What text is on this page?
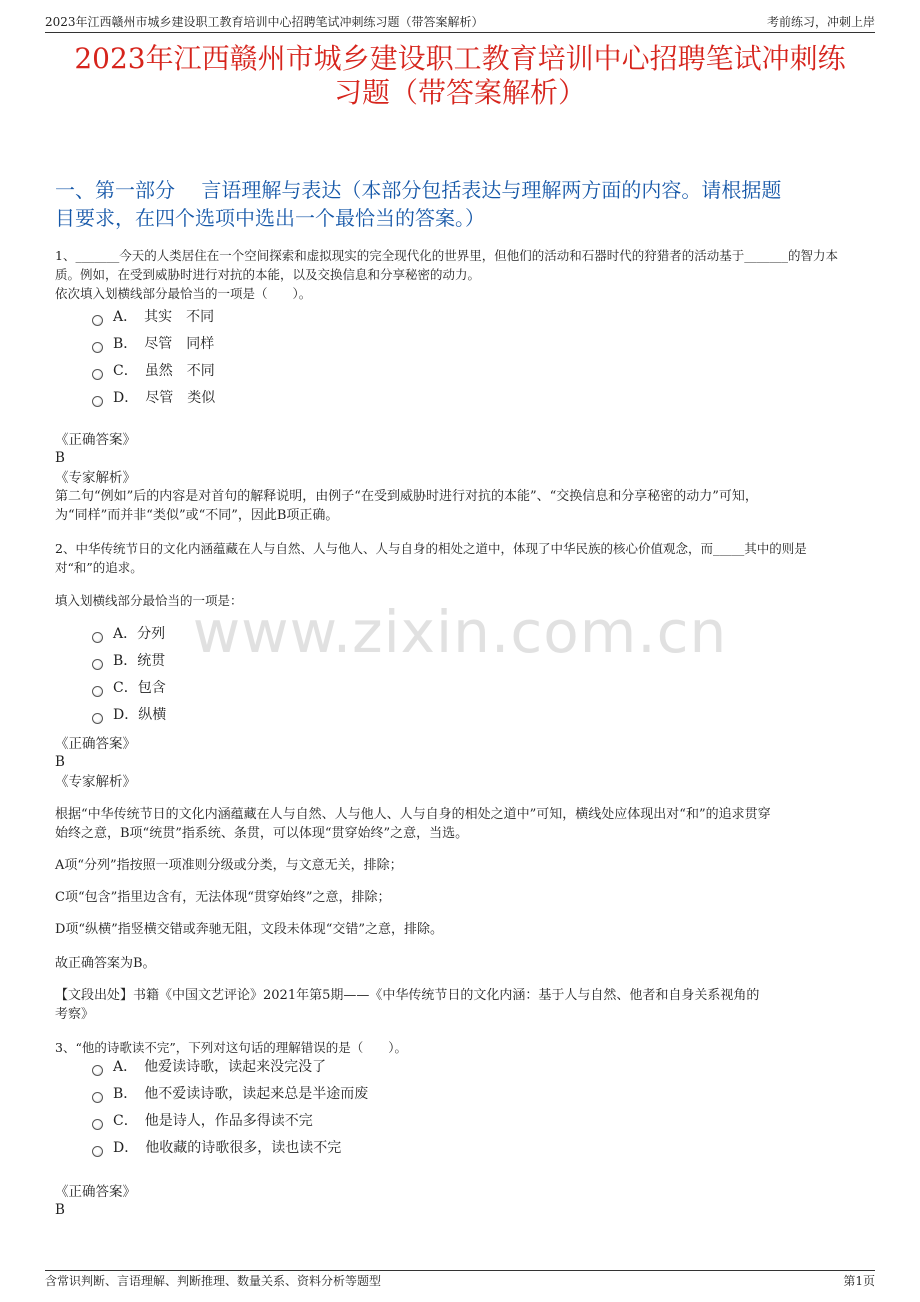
2023年江西赣州市城乡建设职工教育培训中心招聘笔试冲刺练习题（带答案解析）	考前练习，冲刺上岸
2023年江西赣州市城乡建设职工教育培训中心招聘笔试冲刺练
习题（带答案解析）
一、第一部分　 言语理解与表达（本部分包括表达与理解两方面的内容。请根据题
目要求，在四个选项中选出一个最恰当的答案。）
www.zixin.com.cn

1、_______今天的人类居住在一个空间探索和虚拟现实的完全现代化的世界里，但他们的活动和石器时代的狩猎者的活动基于_______的智力本

质。例如，在受到威胁时进行对抗的本能，以及交换信息和分享秘密的动力。

依次填入划横线部分最恰当的一项是（　　）。

A．　其实　不同
B．　尽管　同样
C．　虽然　不同
D．　尽管　类似
《正确答案》
B
《专家解析》

第二句“例如”后的内容是对首句的解释说明，由例子“在受到威胁时进行对抗的本能”、“交换信息和分享秘密的动力”可知，

为“同样”而并非“类似”或“不同”，因此B项正确。

2、中华传统节日的文化内涵蕴藏在人与自然、人与他人、人与自身的相处之道中，体现了中华民族的核心价值观念，而_____其中的则是

对“和”的追求。

填入划横线部分最恰当的一项是：

A．分列
B．统贯
C．包含
D．纵横
《正确答案》
B
《专家解析》

根据“中华传统节日的文化内涵蕴藏在人与自然、人与他人、人与自身的相处之道中”可知，横线处应体现出对“和”的追求贯穿

始终之意，B项“统贯”指系统、条贯，可以体现“贯穿始终”之意，当选。

A项“分列”指按照一项准则分级或分类，与文意无关，排除；
C项“包含”指里边含有，无法体现“贯穿始终”之意，排除；
D项“纵横”指竖横交错或奔驰无阻，文段未体现“交错”之意，排除。
故正确答案为B。

【文段出处】书籍《中国文艺评论》2021年第5期——《中华传统节日的文化内涵：基于人与自然、他者和自身关系视角的

考察》

3、“他的诗歌读不完”，下列对这句话的理解错误的是（　　）。

A．　他爱读诗歌，读起来没完没了
B．　他不爱读诗歌，读起来总是半途而废
C．　他是诗人，作品多得读不完
D．　他收藏的诗歌很多，读也读不完
《正确答案》
B
含常识判断、言语理解、判断推理、数量关系、资料分析等题型	第1页
